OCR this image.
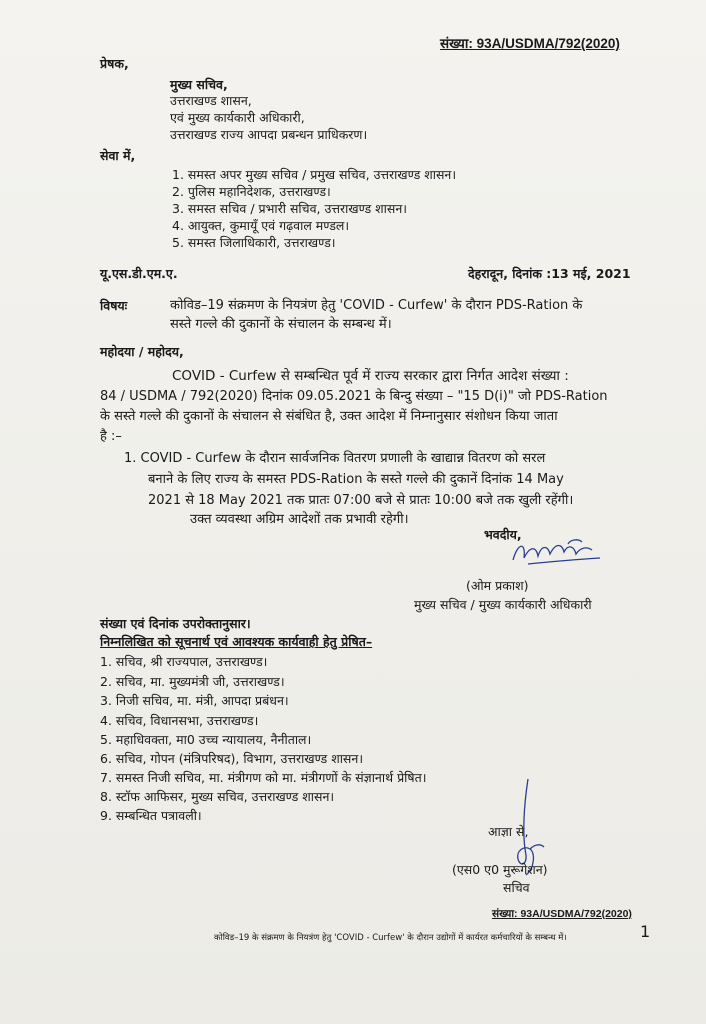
संख्या: 93A/USDMA/792(2020)
प्रेषक,
मुख्य सचिव,
उत्तराखण्ड शासन,
एवं मुख्य कार्यकारी अधिकारी,
उत्तराखण्ड राज्य आपदा प्रबन्धन प्राधिकरण।
सेवा में,
1. समस्त अपर मुख्य सचिव / प्रमुख सचिव, उत्तराखण्ड शासन।
2. पुलिस महानिदेशक, उत्तराखण्ड।
3. समस्त सचिव / प्रभारी सचिव, उत्तराखण्ड शासन।
4. आयुक्त, कुमायूँ एवं गढ़वाल मण्डल।
5. समस्त जिलाधिकारी, उत्तराखण्ड।
यू.एस.डी.एम.ए.	देहरादून, दिनांक :13 मई, 2021
विषयः	कोविड–19 संक्रमण के नियत्रंण हेतु 'COVID - Curfew' के दौरान PDS-Ration के
सस्ते गल्ले की दुकानों के संचालन के सम्बन्ध में।
महोदया / महोदय,
COVID - Curfew से सम्बन्धित पूर्व में राज्य सरकार द्वारा निर्गत आदेश संख्या :
84 / USDMA / 792(2020) दिनांक 09.05.2021 के बिन्दु संख्या – "15 D(i)" जो PDS-Ration
के सस्ते गल्ले की दुकानों के संचालन से संबंधित है, उक्त आदेश में निम्नानुसार संशोधन किया जाता
है :–
1. COVID - Curfew के दौरान सार्वजनिक वितरण प्रणाली के खाद्यान्न वितरण को सरल
बनाने के लिए राज्य के समस्त PDS-Ration के सस्ते गल्ले की दुकानें दिनांक 14 May
2021 से 18 May 2021 तक प्रातः 07:00 बजे से प्रातः 10:00 बजे तक खुली रहेंगी।
उक्त व्यवस्था अग्रिम आदेशों तक प्रभावी रहेगी।
भवदीय,
(ओम प्रकाश)
मुख्य सचिव / मुख्य कार्यकारी अधिकारी
संख्या एवं दिनांक उपरोक्तानुसार।
निम्नलिखित को सूचनार्थ एवं आवश्यक कार्यवाही हेतु प्रेषित–
1. सचिव, श्री राज्यपाल, उत्तराखण्ड।
2. सचिव, मा. मुख्यमंत्री जी, उत्तराखण्ड।
3. निजी सचिव, मा. मंत्री, आपदा प्रबंधन।
4. सचिव, विधानसभा, उत्तराखण्ड।
5. महाधिवक्ता, मा0 उच्च न्यायालय, नैनीताल।
6. सचिव, गोपन (मंत्रिपरिषद), विभाग, उत्तराखण्ड शासन।
7. समस्त निजी सचिव, मा. मंत्रीगण को मा. मंत्रीगणों के संज्ञानार्थ प्रेषित।
8. स्टॉफ आफिसर, मुख्य सचिव, उत्तराखण्ड शासन।
9. सम्बन्धित पत्रावली।
आज्ञा से,
(एस0 ए0 मुरूगेशन)
सचिव
संख्या: 93A/USDMA/792(2020)
कोविड–19 के संक्रमण के नियत्रंण हेतु 'COVID - Curfew' के दौरान उद्योगों में कार्यरत कर्मचारियों के सम्बन्ध में।	1
